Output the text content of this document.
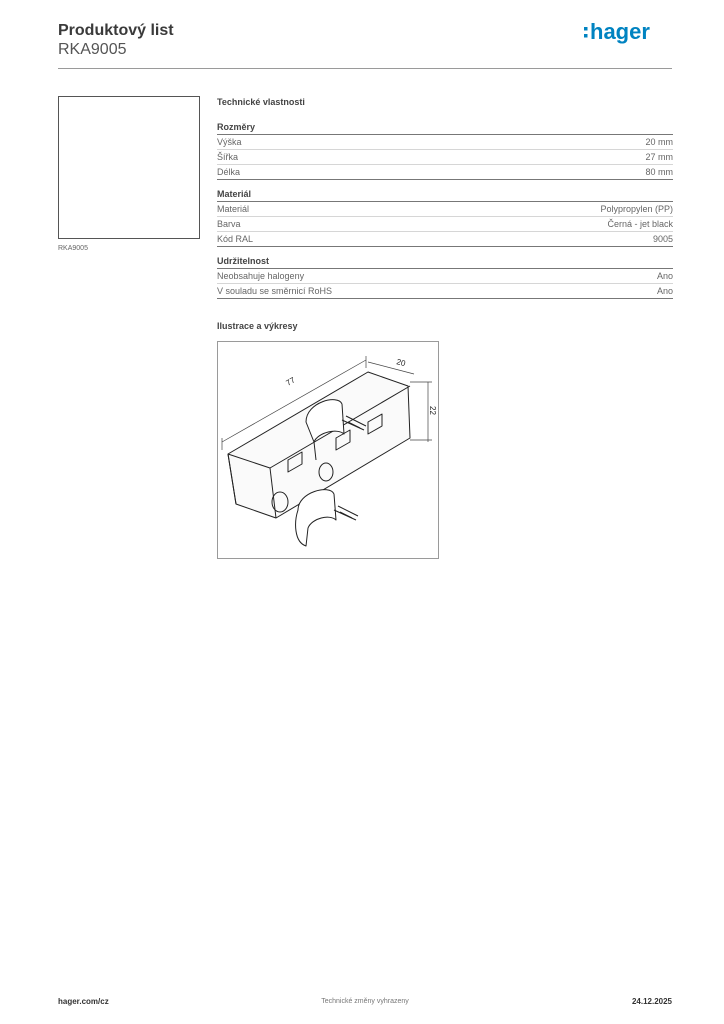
Produktový list
RKA9005
hager
RKA9005
Technické vlastnosti
Rozměry
Výška	20 mm
Šířka	27 mm
Délka	80 mm
Materiál
Materiál	Polypropylen (PP)
Barva	Černá - jet black
Kód RAL	9005
Udržitelnost
Neobsahuje halogeny	Ano
V souladu se směrnicí RoHS	Ano
Ilustrace a výkresy
77
20
22
hager.com/cz	Technické změny vyhrazeny	24.12.2025
